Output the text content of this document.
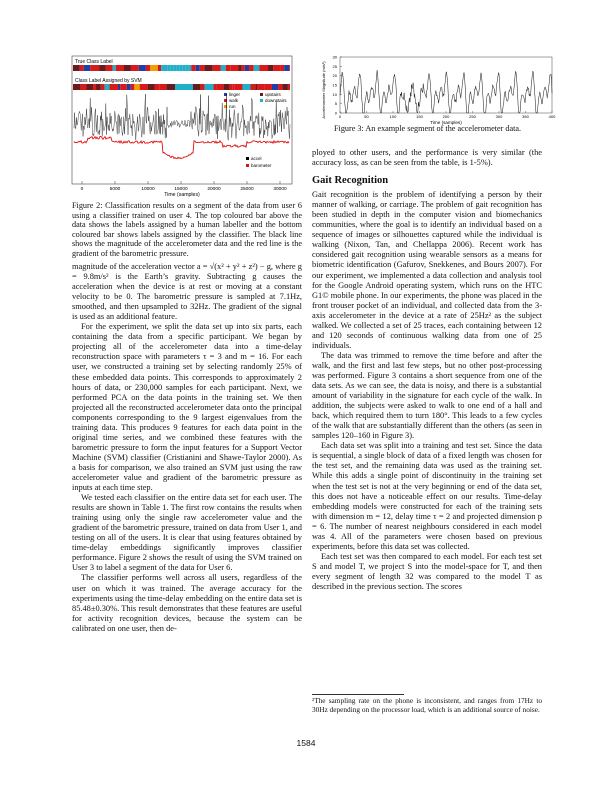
True Class Label
Class Label Assigned by SVM
linger	upstairs
walk	downstairs
run
accel
barometer
0	5000	10000	15000	20000	25000	30000
Time (samples)
Figure 2: Classification results on a segment of the data from user 6 using a classifier trained on user 4. The top coloured bar above the data shows the labels assigned by a human labeller and the bottom coloured bar shows labels assigned by the classifier. The black line shows the magnitude of the accelerometer data and the red line is the gradient of the barometric pressure.

magnitude of the acceleration vector a = √(x² + y² + z²) − g, where g = 9.8m/s² is the Earth’s gravity. Subtracting g causes the acceleration when the device is at rest or moving at a constant velocity to be 0. The barometric pressure is sampled at 7.1Hz, smoothed, and then upsampled to 32Hz. The gradient of the signal is used as an additional feature.

For the experiment, we split the data set up into six parts, each containing the data from a specific participant. We began by projecting all of the accelerometer data into a time-delay reconstruction space with parameters τ = 3 and m = 16. For each user, we constructed a training set by selecting randomly 25% of these embedded data points. This corresponds to approximately 2 hours of data, or 230,000 samples for each participant. Next, we performed PCA on the data points in the training set. We then projected all the reconstructed accelerometer data onto the principal components corresponding to the 9 largest eigenvalues from the training data. This produces 9 features for each data point in the original time series, and we combined these features with the barometric pressure to form the input features for a Support Vector Machine (SVM) classifier (Cristianini and Shawe-Taylor 2000). As a basis for comparison, we also trained an SVM just using the raw accelerometer value and gradient of the barometric pressure as inputs at each time step.

We tested each classifier on the entire data set for each user. The results are shown in Table 1. The first row contains the results when training using only the single raw accelerometer value and the gradient of the barometric pressure, trained on data from User 1, and testing on all of the users. It is clear that using features obtained by time-delay embeddings significantly improves classifier performance. Figure 2 shows the result of using the SVM trained on User 3 to label a segment of the data for User 6.

The classifier performs well across all users, regardless of the user on which it was trained. The average accuracy for the experiments using the time-delay embedding on the entire data set is 85.48±0.30%. This result demonstrates that these features are useful for activity recognition devices, because the system can be calibrated on one user, then de-

Accelerometer Magnitude (m/s²) 0
5
10
15
20
25
30
0	50	100	150	200	250	300	350	400
Time (samples)
Figure 3: An example segment of the accelerometer data.

ployed to other users, and the performance is very similar (the accuracy loss, as can be seen from the table, is 1-5%).

Gait Recognition

Gait recognition is the problem of identifying a person by their manner of walking, or carriage. The problem of gait recognition has been studied in depth in the computer vision and biomechanics communities, where the goal is to identify an individual based on a sequence of images or silhouettes captured while the individual is walking (Nixon, Tan, and Chellappa 2006). Recent work has considered gait recognition using wearable sensors as a means for biometric identification (Gafurov, Snekkenes, and Bours 2007). For our experiment, we implemented a data collection and analysis tool for the Google Android operating system, which runs on the HTC G1© mobile phone. In our experiments, the phone was placed in the front trouser pocket of an individual, and collected data from the 3-axis accelerometer in the device at a rate of 25Hz² as the subject walked. We collected a set of 25 traces, each containing between 12 and 120 seconds of continuous walking data from one of 25 individuals.

The data was trimmed to remove the time before and after the walk, and the first and last few steps, but no other post-processing was performed. Figure 3 contains a short sequence from one of the data sets. As we can see, the data is noisy, and there is a substantial amount of variability in the signature for each cycle of the walk. In addition, the subjects were asked to walk to one end of a hall and back, which required them to turn 180°. This leads to a few cycles of the walk that are substantially different than the others (as seen in samples 120–160 in Figure 3).

Each data set was split into a training and test set. Since the data is sequential, a single block of data of a fixed length was chosen for the test set, and the remaining data was used as the training set. While this adds a single point of discontinuity in the training set when the test set is not at the very beginning or end of the data set, this does not have a noticeable effect on our results. Time-delay embedding models were constructed for each of the training sets with dimension m = 12, delay time τ = 2 and projected dimension p = 6. The number of nearest neighbours considered in each model was 4. All of the parameters were chosen based on previous experiments, before this data set was collected.

Each test set was then compared to each model. For each test set S and model T, we project S into the model-space for T, and then every segment of length 32 was compared to the model T as described in the previous section. The scores

²The sampling rate on the phone is inconsistent, and ranges from 17Hz to 30Hz depending on the processor load, which is an additional source of noise.
1584
